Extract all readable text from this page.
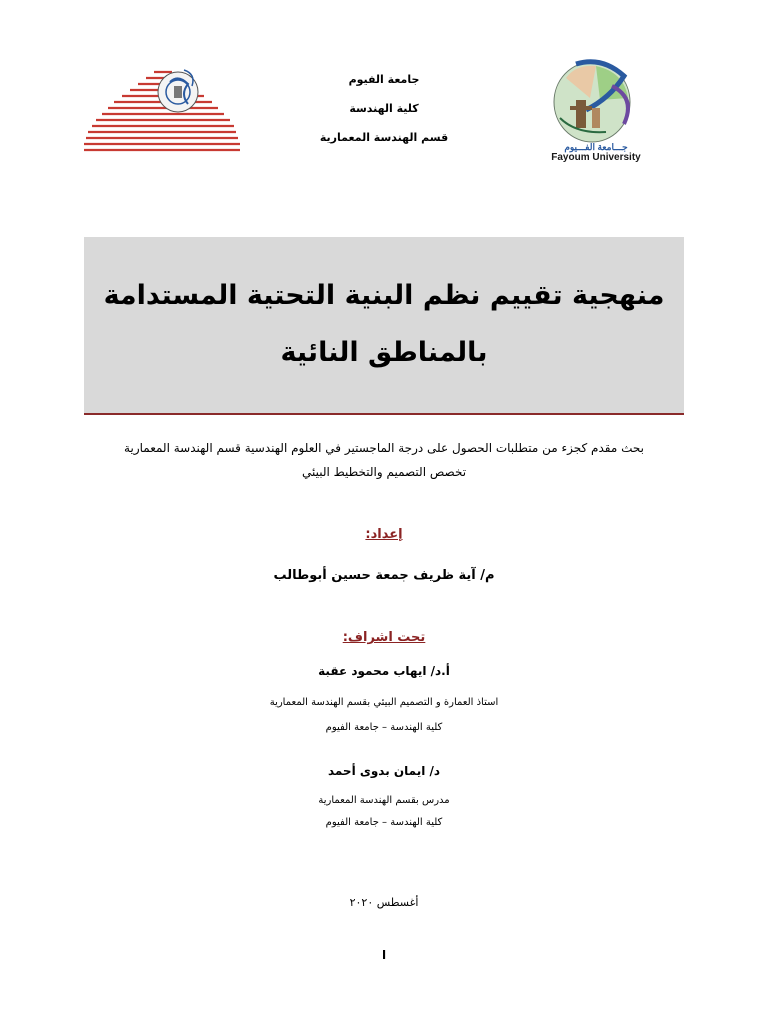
جامعة الفيوم
كلية الهندسة
قسم الهندسة المعمارية
جـــامعة الفـــيوم
Fayoum University
منهجية تقييم نظم البنية التحتية المستدامة
بالمناطق النائية
بحث مقدم كجزء من متطلبات الحصول على درجة الماجستير في العلوم الهندسية قسم الهندسة المعمارية
تخصص التصميم والتخطيط البيئي
إعداد:
م/ آية ظريف جمعة حسين أبوطالب
تحت اشراف:
أ.د/ ايهاب محمود عقبة
استاذ العمارة و التصميم البيئي بقسم الهندسة المعمارية
كلية الهندسة – جامعة الفيوم
د/ ايمان بدوى أحمد
مدرس بقسم الهندسة المعمارية
كلية الهندسة – جامعة الفيوم
أغسطس ٢٠٢٠
ا
